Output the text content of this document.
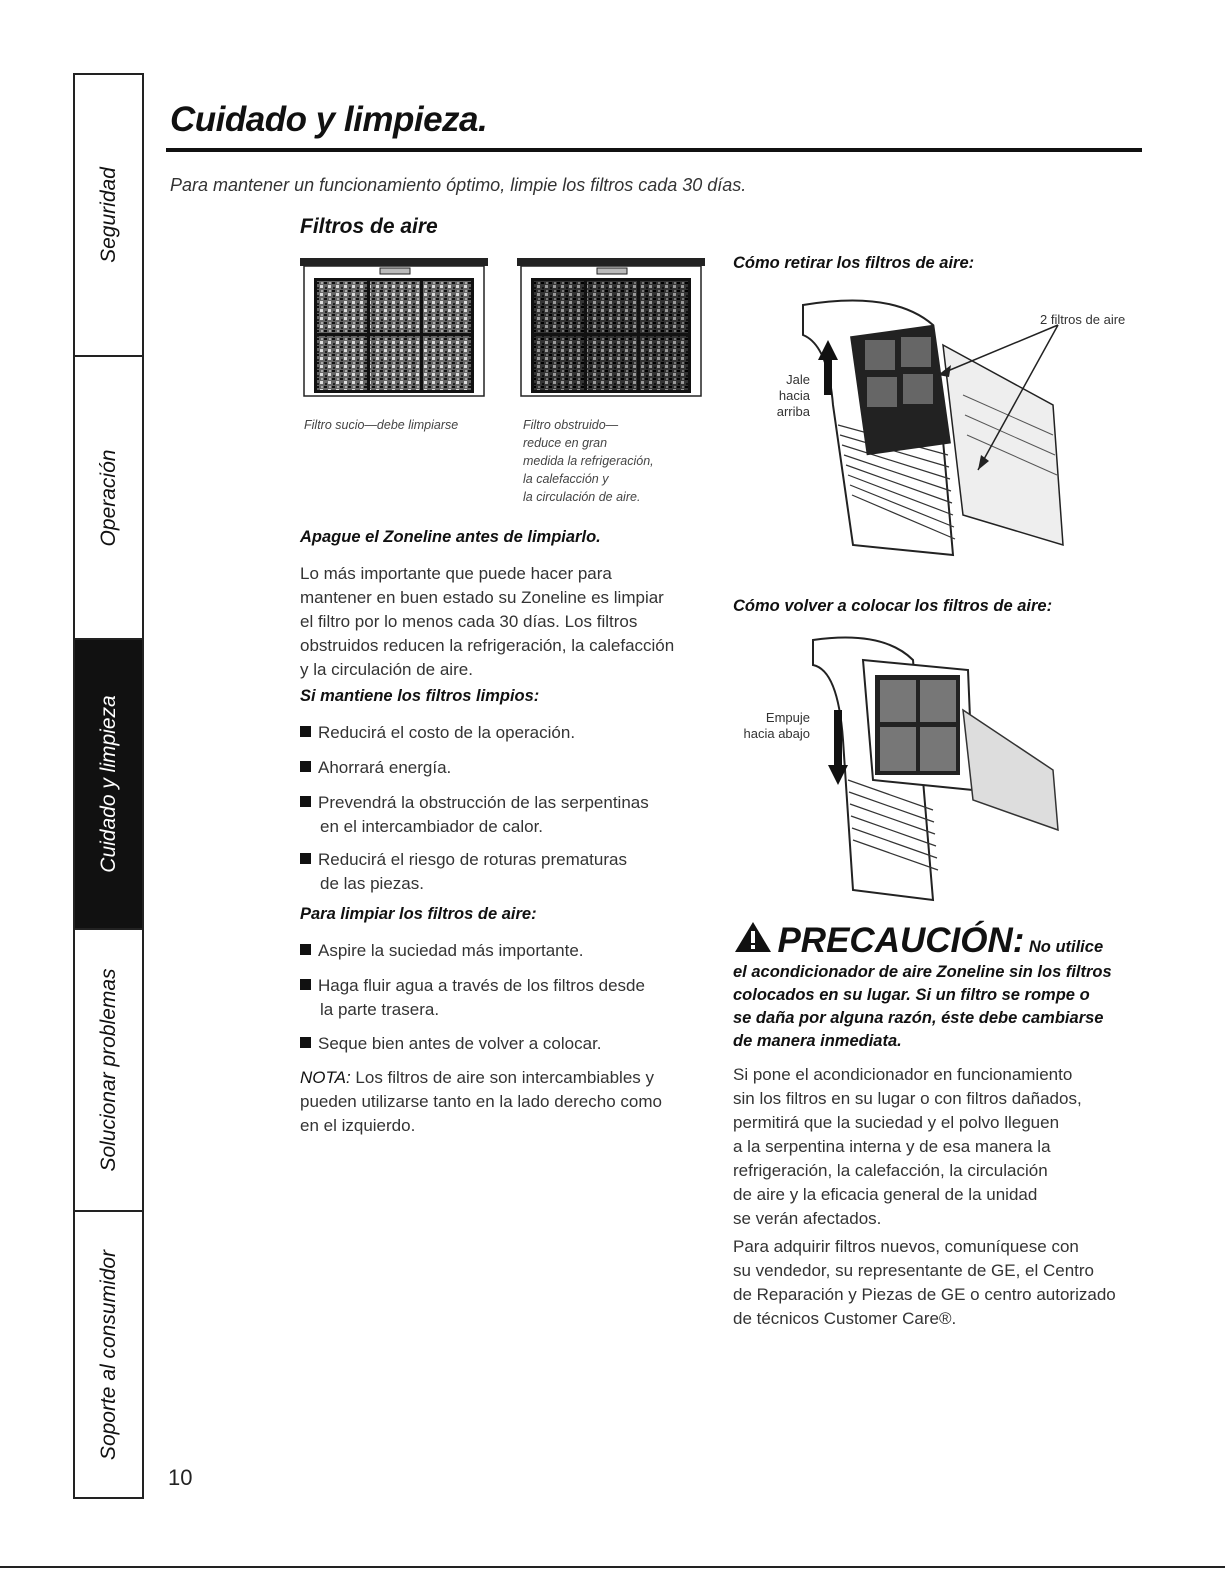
Seguridad
Operación
Cuidado y limpieza
Solucionar problemas
Soporte al consumidor
Cuidado y limpieza.
Para mantener un funcionamiento óptimo, limpie los filtros cada 30 días.
Filtros de aire
Filtro sucio—debe limpiarse	Filtro obstruido—
reduce en gran
medida la refrigeración,
la calefacción y
la circulación de aire.
Apague el Zoneline antes de limpiarlo.
Lo más importante que puede hacer para
mantener en buen estado su Zoneline es limpiar
el filtro por lo menos cada 30 días. Los filtros
obstruidos reducen la refrigeración, la calefacción
y la circulación de aire.
Si mantiene los filtros limpios:
Reducirá el costo de la operación.
Ahorrará energía.
Prevendrá la obstrucción de las serpentinas
en el intercambiador de calor.
Reducirá el riesgo de roturas prematuras
de las piezas.
Para limpiar los filtros de aire:
Aspire la suciedad más importante.
Haga fluir agua a través de los filtros desde
la parte trasera.
Seque bien antes de volver a colocar.
NOTA: Los filtros de aire son intercambiables y
pueden utilizarse tanto en la lado derecho como
en el izquierdo.
Cómo retirar los filtros de aire:
2 filtros de aire
Jale hacia
arriba
Cómo volver a colocar los filtros de aire:
Empuje
hacia abajo
PRECAUCIÓN: No utilice
el acondicionador de aire Zoneline sin los filtros
colocados en su lugar. Si un filtro se rompe o
se daña por alguna razón, éste debe cambiarse
de manera inmediata.
Si pone el acondicionador en funcionamiento
sin los filtros en su lugar o con filtros dañados,
permitirá que la suciedad y el polvo lleguen
a la serpentina interna y de esa manera la
refrigeración, la calefacción, la circulación
de aire y la eficacia general de la unidad
se verán afectados.
Para adquirir filtros nuevos, comuníquese con
su vendedor, su representante de GE, el Centro
de Reparación y Piezas de GE o centro autorizado
de técnicos Customer Care®.
10
